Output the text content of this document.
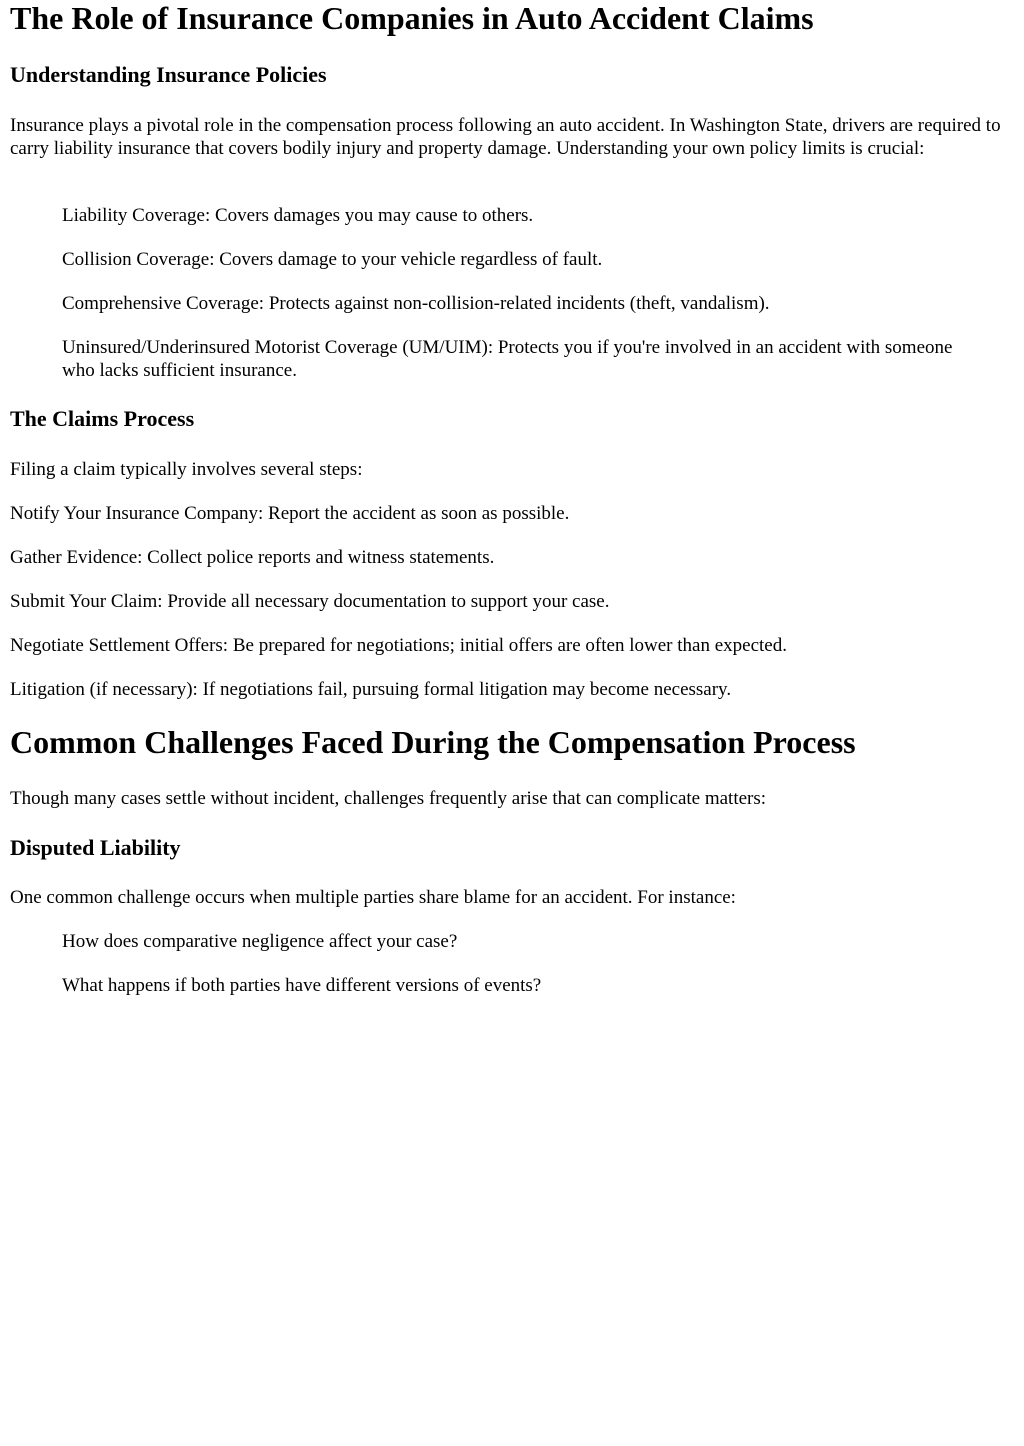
The Role of Insurance Companies in Auto Accident Claims
Understanding Insurance Policies

Insurance plays a pivotal role in the compensation process following an auto accident. In Washington State, drivers are required to carry liability insurance that covers bodily injury and property damage. Understanding your own policy limits is crucial:

Liability Coverage: Covers damages you may cause to others.

Collision Coverage: Covers damage to your vehicle regardless of fault.

Comprehensive Coverage: Protects against non-collision-related incidents (theft, vandalism).

Uninsured/Underinsured Motorist Coverage (UM/UIM): Protects you if you're involved in an accident with someone who lacks sufficient insurance.

The Claims Process

Filing a claim typically involves several steps:

Notify Your Insurance Company: Report the accident as soon as possible.

Gather Evidence: Collect police reports and witness statements.

Submit Your Claim: Provide all necessary documentation to support your case.

Negotiate Settlement Offers: Be prepared for negotiations; initial offers are often lower than expected.

Litigation (if necessary): If negotiations fail, pursuing formal litigation may become necessary.

Common Challenges Faced During the Compensation Process

Though many cases settle without incident, challenges frequently arise that can complicate matters:

Disputed Liability

One common challenge occurs when multiple parties share blame for an accident. For instance:

How does comparative negligence affect your case?

What happens if both parties have different versions of events?
